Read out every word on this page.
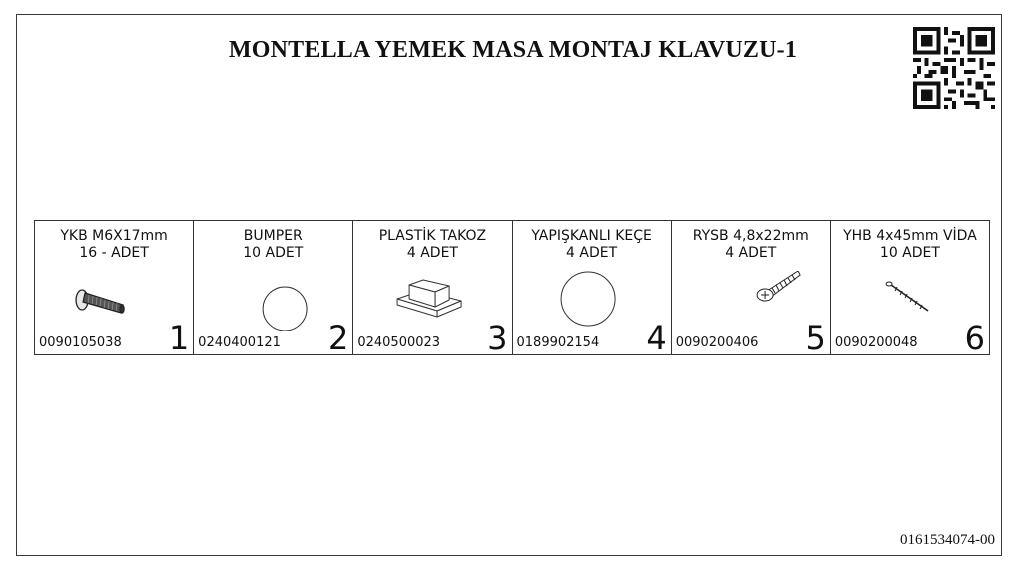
MONTELLA YEMEK MASA MONTAJ KLAVUZU-1
YKB M6X17mm
16 - ADET
0090105038 1
BUMPER
10 ADET
0240400121 2
PLASTİK TAKOZ
4 ADET
0240500023 3
YAPIŞKANLI KEÇE
4 ADET
0189902154 4
RYSB 4,8x22mm
4 ADET
0090200406 5
YHB 4x45mm VİDA
10 ADET
0090200048 6
0161534074-00
